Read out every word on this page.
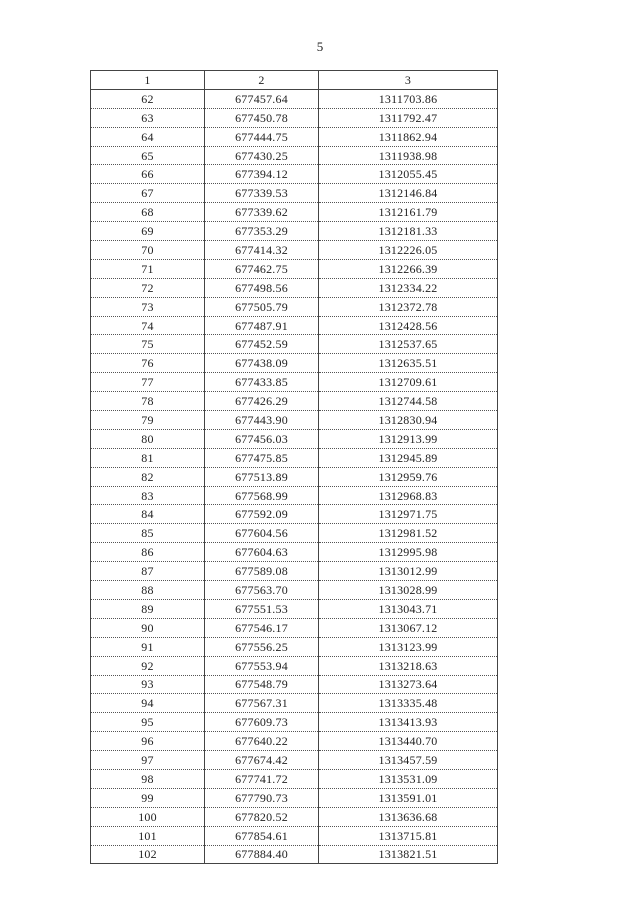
5
1	2	3
62	677457.64	1311703.86
63	677450.78	1311792.47
64	677444.75	1311862.94
65	677430.25	1311938.98
66	677394.12	1312055.45
67	677339.53	1312146.84
68	677339.62	1312161.79
69	677353.29	1312181.33
70	677414.32	1312226.05
71	677462.75	1312266.39
72	677498.56	1312334.22
73	677505.79	1312372.78
74	677487.91	1312428.56
75	677452.59	1312537.65
76	677438.09	1312635.51
77	677433.85	1312709.61
78	677426.29	1312744.58
79	677443.90	1312830.94
80	677456.03	1312913.99
81	677475.85	1312945.89
82	677513.89	1312959.76
83	677568.99	1312968.83
84	677592.09	1312971.75
85	677604.56	1312981.52
86	677604.63	1312995.98
87	677589.08	1313012.99
88	677563.70	1313028.99
89	677551.53	1313043.71
90	677546.17	1313067.12
91	677556.25	1313123.99
92	677553.94	1313218.63
93	677548.79	1313273.64
94	677567.31	1313335.48
95	677609.73	1313413.93
96	677640.22	1313440.70
97	677674.42	1313457.59
98	677741.72	1313531.09
99	677790.73	1313591.01
100	677820.52	1313636.68
101	677854.61	1313715.81
102	677884.40	1313821.51
